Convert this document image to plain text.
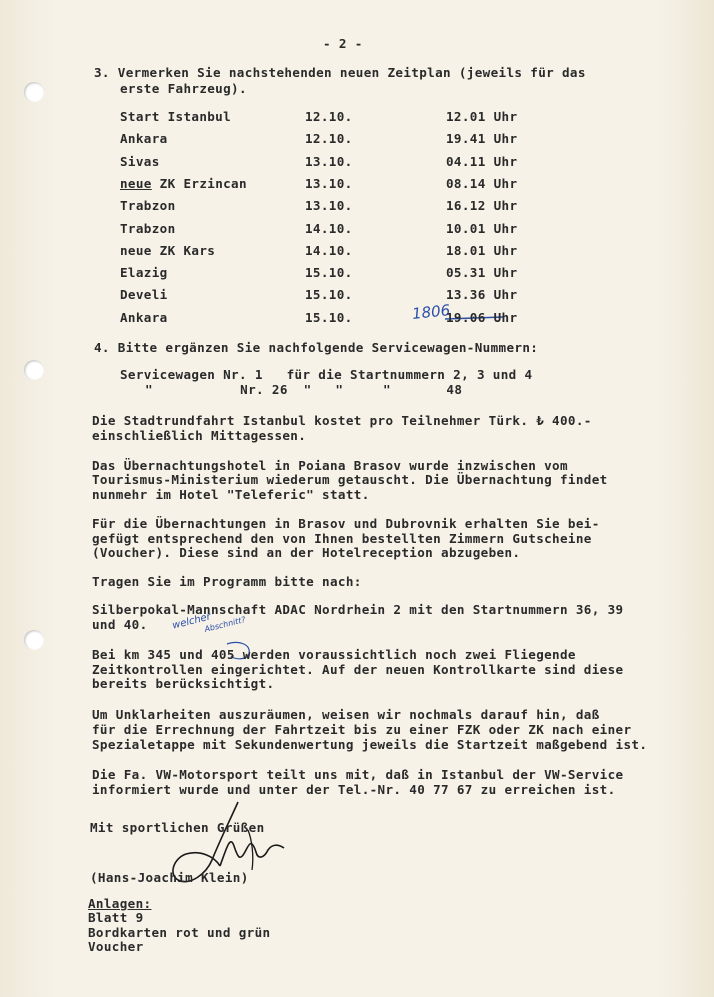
- 2 -
3. Vermerken Sie nachstehenden neuen Zeitplan (jeweils für das
erste Fahrzeug).
1806
4. Bitte ergänzen Sie nachfolgende Servicewagen-Nummern:
Servicewagen Nr. 1   für die Startnummern 2, 3 und 4
"           Nr. 26  "   "     "       48
Die Stadtrundfahrt Istanbul kostet pro Teilnehmer Türk. ₺ 400.-
einschließlich Mittagessen.
Das Übernachtungshotel in Poiana Brasov wurde inzwischen vom
Tourismus-Ministerium wiederum getauscht. Die Übernachtung findet
nunmehr im Hotel "Teleferic" statt.
Für die Übernachtungen in Brasov und Dubrovnik erhalten Sie bei-
gefügt entsprechend den von Ihnen bestellten Zimmern Gutscheine
(Voucher). Diese sind an der Hotelreception abzugeben.
Tragen Sie im Programm bitte nach:
Silberpokal-Mannschaft ADAC Nordrhein 2 mit den Startnummern 36, 39
und 40. welcher
Abschnitt?
Bei km 345 und 405 werden voraussichtlich noch zwei Fliegende
Zeitkontrollen eingerichtet. Auf der neuen Kontrollkarte sind diese
bereits berücksichtigt.
Um Unklarheiten auszuräumen, weisen wir nochmals darauf hin, daß
für die Errechnung der Fahrtzeit bis zu einer FZK oder ZK nach einer
Spezialetappe mit Sekundenwertung jeweils die Startzeit maßgebend ist.
Die Fa. VW-Motorsport teilt uns mit, daß in Istanbul der VW-Service
informiert wurde und unter der Tel.-Nr. 40 77 67 zu erreichen ist.
Mit sportlichen Grüßen
(Hans-Joachim Klein)
Anlagen:
Blatt 9
Bordkarten rot und grün
Voucher
Start Istanbul	12.10.	12.01 Uhr
Ankara	12.10.	19.41 Uhr
Sivas	13.10.	04.11 Uhr
neue ZK Erzincan	13.10.	08.14 Uhr
Trabzon	13.10.	16.12 Uhr
Trabzon	14.10.	10.01 Uhr
neue ZK Kars	14.10.	18.01 Uhr
Elazig	15.10.	05.31 Uhr
Develi	15.10.	13.36 Uhr
Ankara	15.10.	19.06 Uhr
